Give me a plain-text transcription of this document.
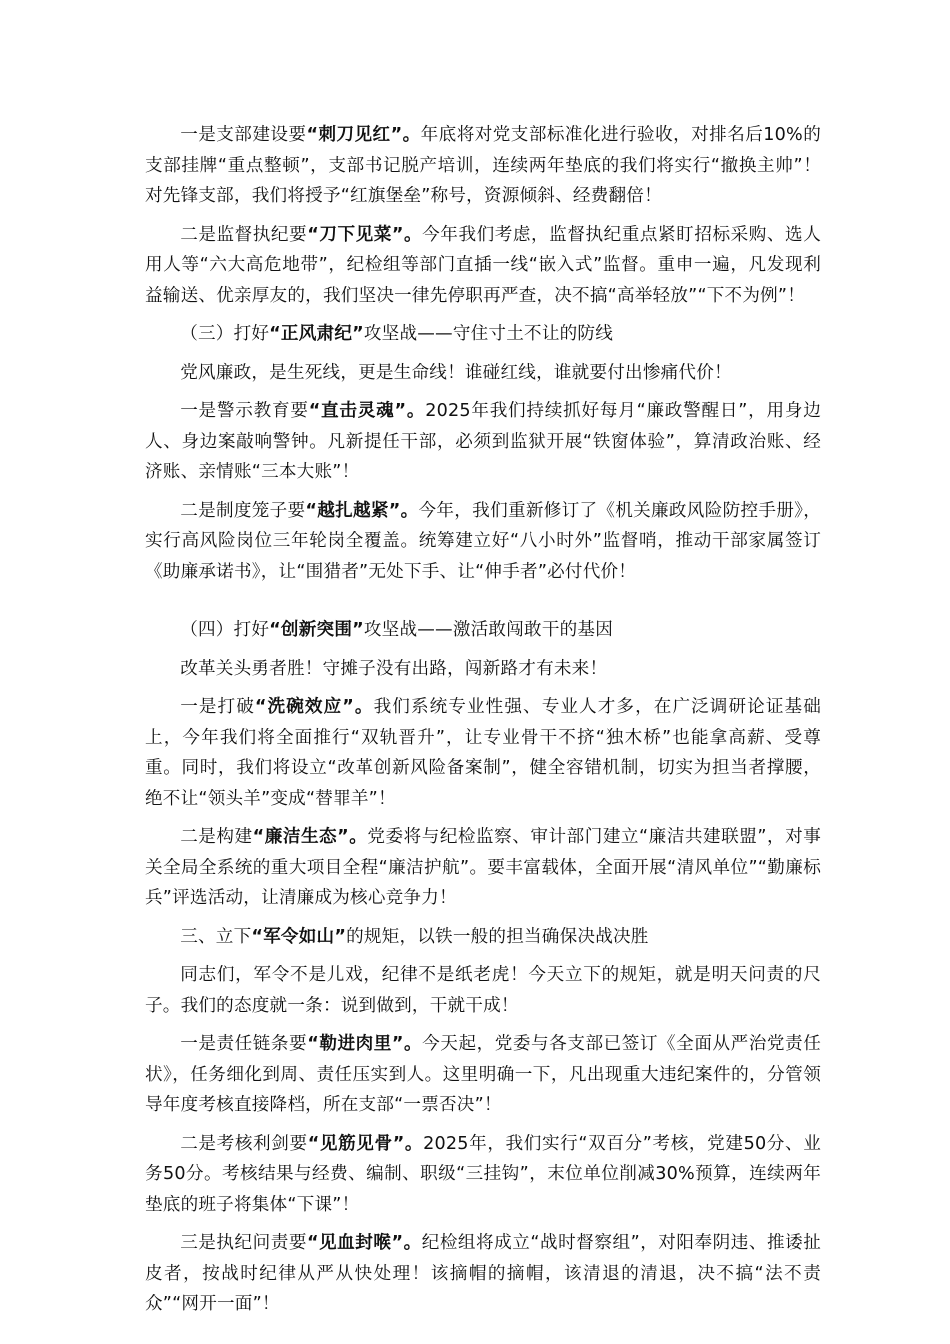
一是支部建设要“刺刀见红”。年底将对党支部标准化进行验收，对排名后10%的支部挂牌“重点整顿”，支部书记脱产培训，连续两年垫底的我们将实行“撤换主帅”！对先锋支部，我们将授予“红旗堡垒”称号，资源倾斜、经费翻倍！

二是监督执纪要“刀下见菜”。今年我们考虑，监督执纪重点紧盯招标采购、选人用人等“六大高危地带”，纪检组等部门直插一线“嵌入式”监督。重申一遍，凡发现利益输送、优亲厚友的，我们坚决一律先停职再严查，决不搞“高举轻放”“下不为例”！

（三）打好“正风肃纪”攻坚战——守住寸土不让的防线

党风廉政，是生死线，更是生命线！谁碰红线，谁就要付出惨痛代价！

一是警示教育要“直击灵魂”。2025年我们持续抓好每月“廉政警醒日”，用身边人、身边案敲响警钟。凡新提任干部，必须到监狱开展“铁窗体验”，算清政治账、经济账、亲情账“三本大账”！

二是制度笼子要“越扎越紧”。今年，我们重新修订了《机关廉政风险防控手册》，实行高风险岗位三年轮岗全覆盖。统筹建立好“八小时外”监督哨，推动干部家属签订《助廉承诺书》，让“围猎者”无处下手、让“伸手者”必付代价！

（四）打好“创新突围”攻坚战——激活敢闯敢干的基因

改革关头勇者胜！守摊子没有出路，闯新路才有未来！

一是打破“洗碗效应”。我们系统专业性强、专业人才多，在广泛调研论证基础上，今年我们将全面推行“双轨晋升”，让专业骨干不挤“独木桥”也能拿高薪、受尊重。同时，我们将设立“改革创新风险备案制”，健全容错机制，切实为担当者撑腰，绝不让“领头羊”变成“替罪羊”！

二是构建“廉洁生态”。党委将与纪检监察、审计部门建立“廉洁共建联盟”，对事关全局全系统的重大项目全程“廉洁护航”。要丰富载体，全面开展“清风单位”“勤廉标兵”评选活动，让清廉成为核心竞争力！

三、立下“军令如山”的规矩，以铁一般的担当确保决战决胜

同志们，军令不是儿戏，纪律不是纸老虎！今天立下的规矩，就是明天问责的尺子。我们的态度就一条：说到做到，干就干成！

一是责任链条要“勒进肉里”。今天起，党委与各支部已签订《全面从严治党责任状》，任务细化到周、责任压实到人。这里明确一下，凡出现重大违纪案件的，分管领导年度考核直接降档，所在支部“一票否决”！

二是考核利剑要“见筋见骨”。2025年，我们实行“双百分”考核，党建50分、业务50分。考核结果与经费、编制、职级“三挂钩”，末位单位削减30%预算，连续两年垫底的班子将集体“下课”！

三是执纪问责要“见血封喉”。纪检组将成立“战时督察组”，对阳奉阴违、推诿扯皮者，按战时纪律从严从快处理！该摘帽的摘帽，该清退的清退，决不搞“法不责众”“网开一面”！
